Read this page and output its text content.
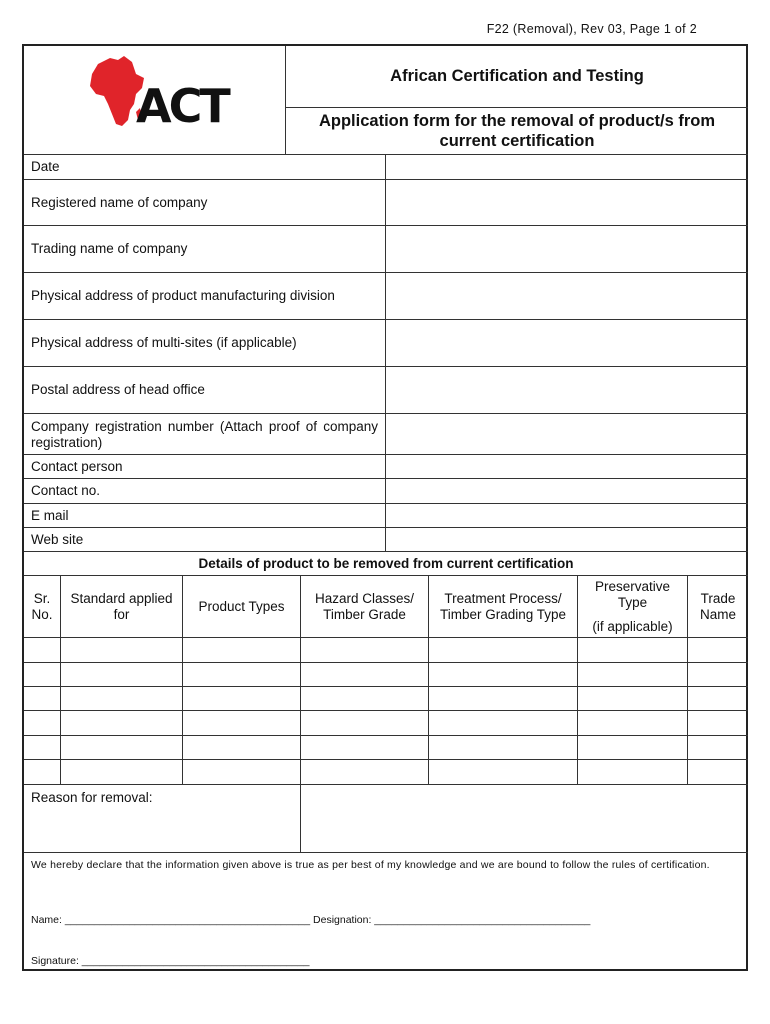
F22 (Removal), Rev 03, Page 1 of 2
ACT
African Certification and Testing
Application form for the removal of product/s from current certification
Date
Registered name of company
Trading name of company
Physical address of product manufacturing division
Physical address of multi-sites (if applicable)
Postal address of head office
Company registration number (Attach proof of company registration)
Contact person
Contact no.
E mail
Web site
Details of product to be removed from current certification
Sr. No.
Standard applied for
Product Types
Hazard Classes/ Timber Grade
Treatment Process/ Timber Grading Type
Preservative Type
(if applicable)
Trade Name
Reason for removal:
We hereby declare that the information given above is true as per best of my knowledge and we are bound to follow the rules of certification.
Name: __________________________________________ Designation: _____________________________________
Signature: _______________________________________
